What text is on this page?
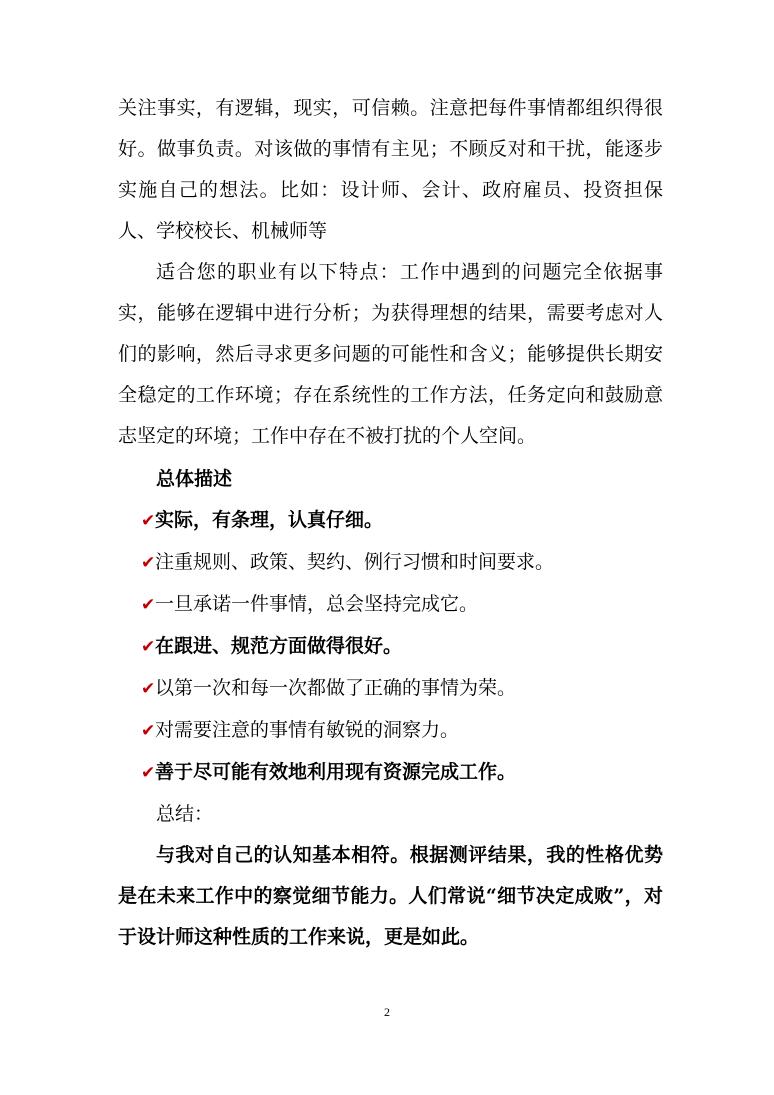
关注事实，有逻辑，现实，可信赖。注意把每件事情都组织得很好。做事负责。对该做的事情有主见；不顾反对和干扰，能逐步实施自己的想法。比如：设计师、会计、政府雇员、投资担保人、学校校长、机械师等

适合您的职业有以下特点：工作中遇到的问题完全依据事实，能够在逻辑中进行分析；为获得理想的结果，需要考虑对人们的影响，然后寻求更多问题的可能性和含义；能够提供长期安全稳定的工作环境；存在系统性的工作方法，任务定向和鼓励意志坚定的环境；工作中存在不被打扰的个人空间。

总体描述

✔ 实际，有条理，认真仔细。

✔ 注重规则、政策、契约、例行习惯和时间要求。

✔ 一旦承诺一件事情，总会坚持完成它。

✔ 在跟进、规范方面做得很好。

✔ 以第一次和每一次都做了正确的事情为荣。

✔ 对需要注意的事情有敏锐的洞察力。

✔ 善于尽可能有效地利用现有资源完成工作。

总结：

与我对自己的认知基本相符。根据测评结果，我的性格优势是在未来工作中的察觉细节能力。人们常说“细节决定成败”，对于设计师这种性质的工作来说，更是如此。

2
